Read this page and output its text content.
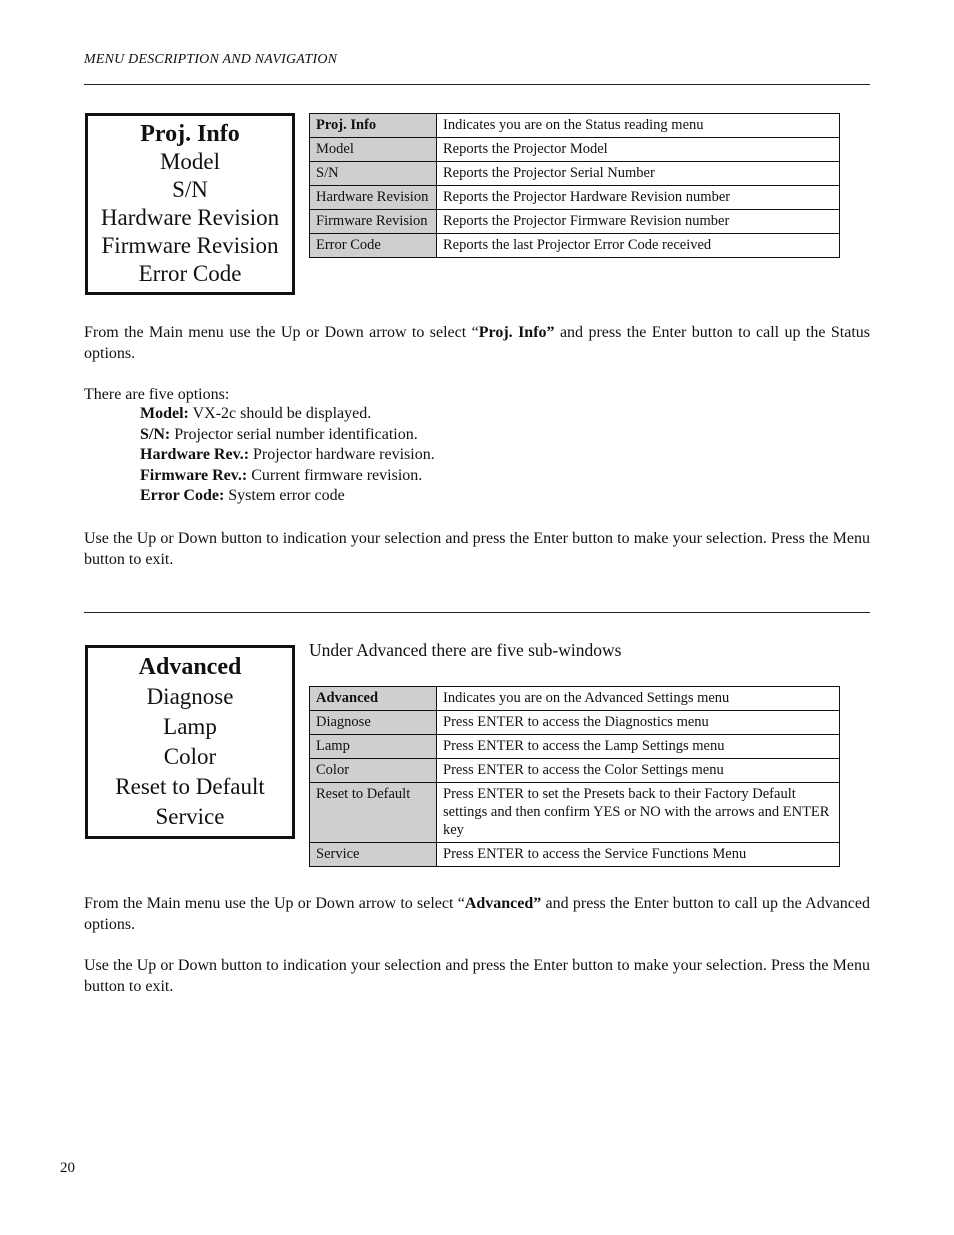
MENU DESCRIPTION AND NAVIGATION
Proj. Info
Model
S/N
Hardware Revision
Firmware Revision
Error Code
Proj. Info	Indicates you are on the Status reading menu
Model	Reports the Projector Model
S/N	Reports the Projector Serial Number
Hardware Revision	Reports the Projector Hardware Revision number
Firmware Revision	Reports the Projector Firmware Revision number
Error Code	Reports the last Projector Error Code received
From the Main menu use the Up or Down arrow to select “Proj. Info” and press the Enter button to call up the Status options.
There are five options:
Model: VX-2c should be displayed.
S/N: Projector serial number identification.
Hardware Rev.: Projector hardware revision.
Firmware Rev.: Current firmware revision.
Error Code: System error code
Use the Up or Down button to indication your selection and press the Enter button to make your selection. Press the Menu button to exit.
Advanced
Diagnose
Lamp
Color
Reset to Default
Service
Under Advanced there are five sub-windows
Advanced	Indicates you are on the Advanced Settings menu
Diagnose	Press ENTER to access the Diagnostics menu
Lamp	Press ENTER to access the Lamp Settings menu
Color	Press ENTER to access the Color Settings menu
Reset to Default	Press ENTER to set the Presets back to their Factory Default settings and then confirm YES or NO with the arrows and ENTER key
Service	Press ENTER to access the Service Functions Menu
From the Main menu use the Up or Down arrow to select “Advanced” and press the Enter button to call up the Advanced options.
Use the Up or Down button to indication your selection and press the Enter button to make your selection. Press the Menu button to exit.
20
